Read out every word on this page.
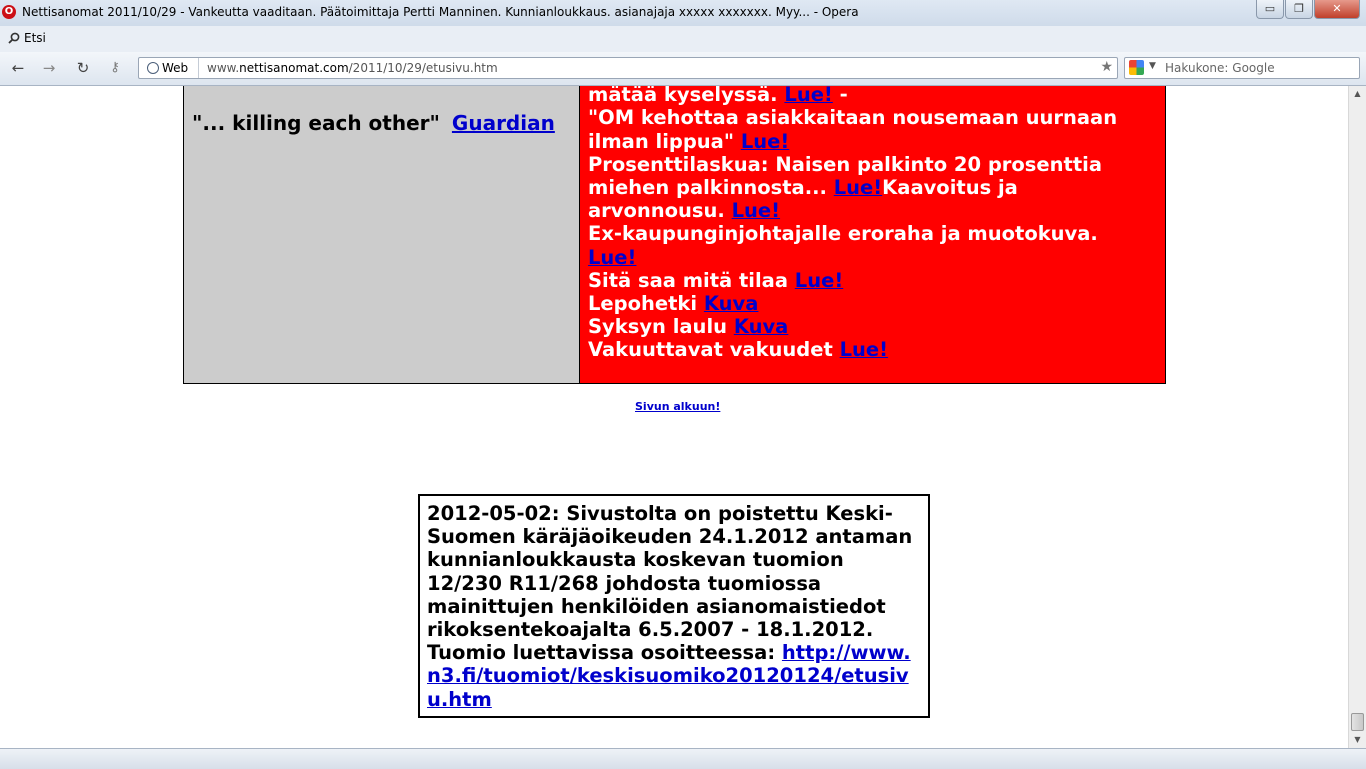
O Nettisanomat 2011/10/29 - Vankeutta vaaditaan. Päätoimittaja Pertti Manninen. Kunnianloukkaus. asianajaja xxxxx xxxxxxx. Myy... - Opera	▭	❐	✕
Etsi
←	→	↻	⚷	Web www.nettisanomat.com/2011/10/29/etusivu.htm	★	▼ Hakukone: Google
"... killing each other" Guardian
mätää kyselyssä. Lue! -
"OM kehottaa asiakkaitaan nousemaan uurnaan ilman lippua" Lue!
Prosenttilaskua: Naisen palkinto 20 prosenttia miehen palkinnosta... Lue!Kaavoitus ja arvonnousu. Lue!
Ex-kaupunginjohtajalle eroraha ja muotokuva. Lue!
Sitä saa mitä tilaa Lue!
Lepohetki Kuva
Syksyn laulu Kuva
Vakuuttavat vakuudet Lue!
Sivun alkuun!
2012-05-02: Sivustolta on poistettu Keski-Suomen käräjäoikeuden 24.1.2012 antaman kunnianloukkausta koskevan tuomion 12/230 R11/268 johdosta tuomiossa mainittujen henkilöiden asianomaistiedot rikoksentekoajalta 6.5.2007 - 18.1.2012. Tuomio luettavissa osoitteessa: http://www.n3.fi/tuomiot/keskisuomiko20120124/etusivu.htm
▲
▼
